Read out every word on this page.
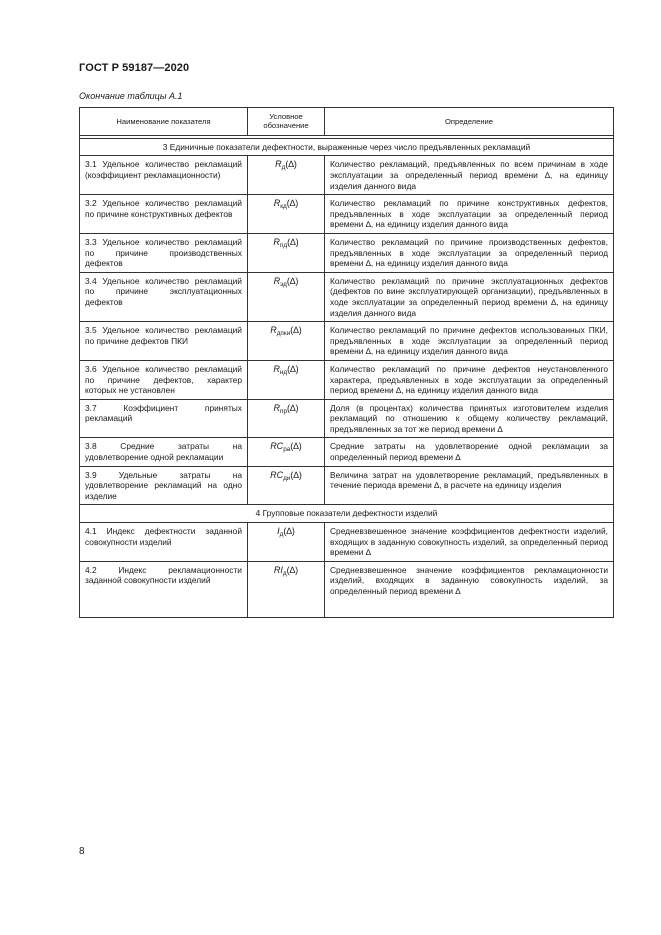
ГОСТ Р 59187—2020
Окончание таблицы А.1
Наименование показателя	Условное обозначение	Определение

3 Единичные показатели дефектности, выраженные через число предъявленных рекламаций		
3.1 Удельное количество рекламаций (коэффициент рекламационности)	$R_д(\Delta)$	Количество рекламаций, предъявленных по всем причинам в ходе эксплуатации за определенный период времени ∆, на единицу изделия данного вида
3.2 Удельное количество рекламаций по причине конструктивных дефектов	$R_{кд}(\Delta)$	Количество рекламаций по причине конструктивных дефектов, предъявленных в ходе эксплуатации за определенный период времени ∆, на единицу изделия данного вида
3.3 Удельное количество рекламаций по причине производственных дефектов	$R_{пд}(\Delta)$	Количество рекламаций по причине производственных дефектов, предъявленных в ходе эксплуатации за определенный период времени ∆, на единицу изделия данного вида
3.4 Удельное количество рекламаций по причине эксплуатационных дефектов	$R_{эд}(\Delta)$	Количество рекламаций по причине эксплуатационных дефектов (дефектов по вине эксплуатирующей организации), предъявленных в ходе эксплуатации за определенный период времени ∆, на единицу изделия данного вида
3.5 Удельное количество рекламаций по причине дефектов ПКИ	$R_{дпки}(\Delta)$	Количество рекламаций по причине дефектов использованных ПКИ, предъявленных в ходе эксплуатации за определенный период времени ∆, на единицу изделия данного вида
3.6 Удельное количество рекламаций по причине дефектов, характер которых не установлен	$R_{нд}(\Delta)$	Количество рекламаций по причине дефектов неустановленного характера, предъявленных в ходе эксплуатации за определенный период времени ∆, на единицу изделия данного вида
3.7 Коэффициент принятых рекламаций	$R_{пр}(\Delta)$	Доля (в процентах) количества принятых изготовителем изделия рекламаций по отношению к общему количеству рекламаций, предъявленных за тот же период времени ∆
3.8 Средние затраты на удовлетворение одной рекламации	$RC_{ра}(\Delta)$	Средние затраты на удовлетворение одной рекламации за определенный период времени ∆
3.9 Удельные затраты на удовлетворение рекламаций на одно изделие	$RC_{ди}(\Delta)$	Величина затрат на удовлетворение рекламаций, предъявленных в течение периода времени ∆, в расчете на единицу изделия
4 Групповые показатели дефектности изделий		
4.1 Индекс дефектности заданной совокупности изделий	$I_д(\Delta)$	Средневзвешенное значение коэффициентов дефектности изделий, входящих в заданную совокупность изделий, за определенный период времени ∆
4.2 Индекс рекламационности заданной совокупности изделий	$RI_д(\Delta)$	Средневзвешенное значение коэффициентов рекламационности изделий, входящих в заданную совокупность изделий, за определенный период времени ∆
8
